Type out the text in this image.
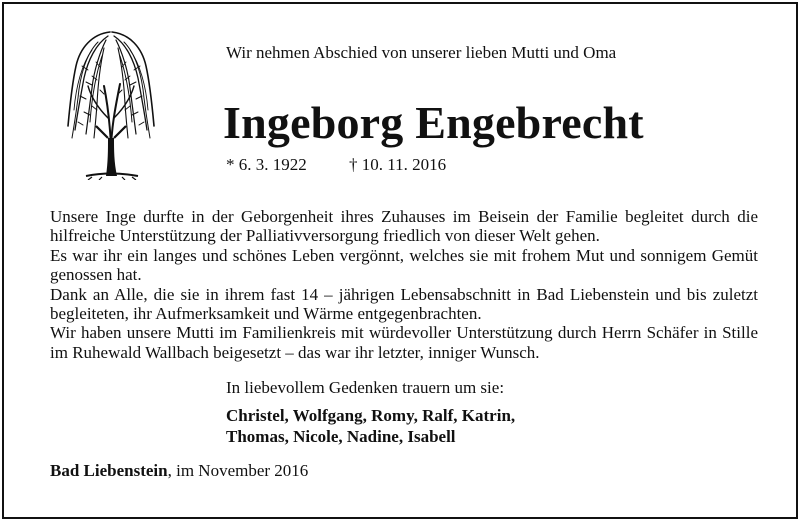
Wir nehmen Abschied von unserer lieben Mutti und Oma
Ingeborg Engebrecht
* 6. 3. 1922 † 10. 11. 2016

Unsere Inge durfte in der Geborgenheit ihres Zuhauses im Beisein der Familie begleitet durch die hilfreiche Unterstützung der Palliativversorgung friedlich von dieser Welt gehen.

Es war ihr ein langes und schönes Leben vergönnt, welches sie mit frohem Mut und sonnigem Gemüt genossen hat.

Dank an Alle, die sie in ihrem fast 14 – jährigen Lebensabschnitt in Bad Liebenstein und bis zuletzt begleiteten, ihr Aufmerksamkeit und Wärme entgegenbrachten.

Wir haben unsere Mutti im Familienkreis mit würdevoller Unterstützung durch Herrn Schäfer in Stille im Ruhewald Wallbach beigesetzt – das war ihr letzter, inniger Wunsch.

In liebevollem Gedenken trauern um sie:
Christel, Wolfgang, Romy, Ralf, Katrin,
Thomas, Nicole, Nadine, Isabell
Bad Liebenstein, im November 2016
